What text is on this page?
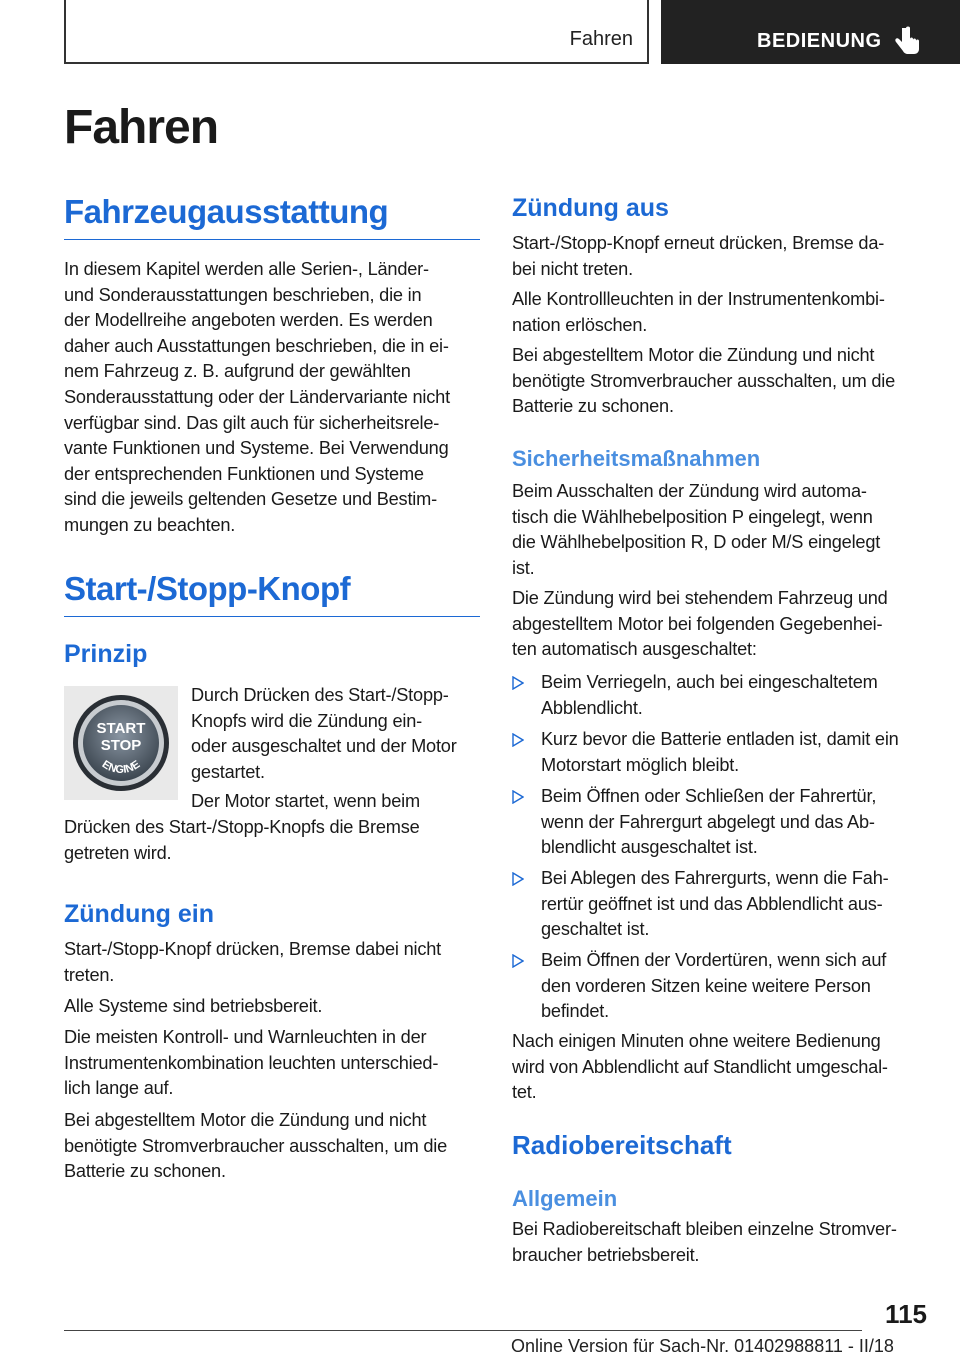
Fahren	BEDIENUNG
Fahren
Fahrzeugausstattung
In diesem Kapitel werden alle Serien-, Länder-
und Sonderausstattungen beschrieben, die in
der Modellreihe angeboten werden. Es werden
daher auch Ausstattungen beschrieben, die in ei-
nem Fahrzeug z. B. aufgrund der gewählten
Sonderausstattung oder der Ländervariante nicht
verfügbar sind. Das gilt auch für sicherheitsrele-
vante Funktionen und Systeme. Bei Verwendung
der entsprechenden Funktionen und Systeme
sind die jeweils geltenden Gesetze und Bestim-
mungen zu beachten.
Start-/Stopp-Knopf
Prinzip
START
STOP
ENGINE
Durch Drücken des Start-/Stopp-
Knopfs wird die Zündung ein-
oder ausgeschaltet und der Motor
gestartet.
Der Motor startet, wenn beim
Drücken des Start-/Stopp-Knopfs die Bremse
getreten wird.
Zündung ein
Start-/Stopp-Knopf drücken, Bremse dabei nicht
treten.
Alle Systeme sind betriebsbereit.
Die meisten Kontroll- und Warnleuchten in der
Instrumentenkombination leuchten unterschied-
lich lange auf.
Bei abgestelltem Motor die Zündung und nicht
benötigte Stromverbraucher ausschalten, um die
Batterie zu schonen.
Zündung aus
Start-/Stopp-Knopf erneut drücken, Bremse da-
bei nicht treten.
Alle Kontrollleuchten in der Instrumentenkombi-
nation erlöschen.
Bei abgestelltem Motor die Zündung und nicht
benötigte Stromverbraucher ausschalten, um die
Batterie zu schonen.
Sicherheitsmaßnahmen
Beim Ausschalten der Zündung wird automa-
tisch die Wählhebelposition P eingelegt, wenn
die Wählhebelposition R, D oder M/S eingelegt
ist.
Die Zündung wird bei stehendem Fahrzeug und
abgestelltem Motor bei folgenden Gegebenhei-
ten automatisch ausgeschaltet:
Beim Verriegeln, auch bei eingeschaltetem
Abblendlicht.
Kurz bevor die Batterie entladen ist, damit ein
Motorstart möglich bleibt.
Beim Öffnen oder Schließen der Fahrertür,
wenn der Fahrergurt abgelegt und das Ab-
blendlicht ausgeschaltet ist.
Bei Ablegen des Fahrergurts, wenn die Fah-
rertür geöffnet ist und das Abblendlicht aus-
geschaltet ist.
Beim Öffnen der Vordertüren, wenn sich auf
den vorderen Sitzen keine weitere Person
befindet.
Nach einigen Minuten ohne weitere Bedienung
wird von Abblendlicht auf Standlicht umgeschal-
tet.
Radiobereitschaft
Allgemein
Bei Radiobereitschaft bleiben einzelne Stromver-
braucher betriebsbereit.
115
Online Version für Sach-Nr. 01402988811 - II/18
